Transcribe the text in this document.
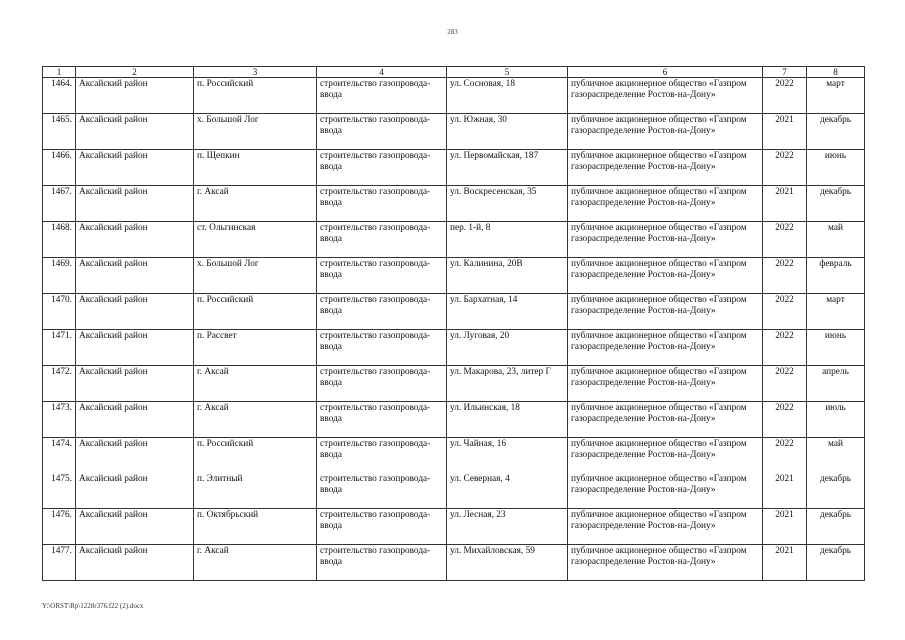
283
1	2	3	4	5	6	7	8
1464.	Аксайский район	п. Российский	строительство газопровода-ввода	ул. Сосновая, 18	публичное акционерное общество «Газпром газораспределение Ростов-на-Дону»	2022	март
1465.	Аксайский район	х. Большой Лог	строительство газопровода-ввода	ул. Южная, 30	публичное акционерное общество «Газпром газораспределение Ростов-на-Дону»	2021	декабрь
1466.	Аксайский район	п. Щепкин	строительство газопровода-ввода	ул. Первомайская, 187	публичное акционерное общество «Газпром газораспределение Ростов-на-Дону»	2022	июнь
1467.	Аксайский район	г. Аксай	строительство газопровода-ввода	ул. Воскресенская, 35	публичное акционерное общество «Газпром газораспределение Ростов-на-Дону»	2021	декабрь
1468.	Аксайский район	ст. Ольгинская	строительство газопровода-ввода	пер. 1-й, 8	публичное акционерное общество «Газпром газораспределение Ростов-на-Дону»	2022	май
1469.	Аксайский район	х. Большой Лог	строительство газопровода-ввода	ул. Калинина, 20В	публичное акционерное общество «Газпром газораспределение Ростов-на-Дону»	2022	февраль
1470.	Аксайский район	п. Российский	строительство газопровода-ввода	ул. Бархатная, 14	публичное акционерное общество «Газпром газораспределение Ростов-на-Дону»	2022	март
1471.	Аксайский район	п. Рассвет	строительство газопровода-ввода	ул. Луговая, 20	публичное акционерное общество «Газпром газораспределение Ростов-на-Дону»	2022	июнь
1472.	Аксайский район	г. Аксай	строительство газопровода-ввода	ул. Макарова, 23, литер Г	публичное акционерное общество «Газпром газораспределение Ростов-на-Дону»	2022	апрель
1473.	Аксайский район	г. Аксай	строительство газопровода-ввода	ул. Ильинская, 18	публичное акционерное общество «Газпром газораспределение Ростов-на-Дону»	2022	июль
1474.	Аксайский район	п. Российский	строительство газопровода-ввода	ул. Чайная, 16	публичное акционерное общество «Газпром газораспределение Ростов-на-Дону»	2022	май
1475.	Аксайский район	п. Элитный	строительство газопровода-ввода	ул. Северная, 4	публичное акционерное общество «Газпром газораспределение Ростов-на-Дону»	2021	декабрь
1476.	Аксайский район	п. Октябрьский	строительство газопровода-ввода	ул. Лесная, 23	публичное акционерное общество «Газпром газораспределение Ростов-на-Дону»	2021	декабрь
1477.	Аксайский район	г. Аксай	строительство газопровода-ввода	ул. Михайловская, 59	публичное акционерное общество «Газпром газораспределение Ростов-на-Дону»	2021	декабрь
Y:\ORST\Rp\1228r376.f22 (2).docx
